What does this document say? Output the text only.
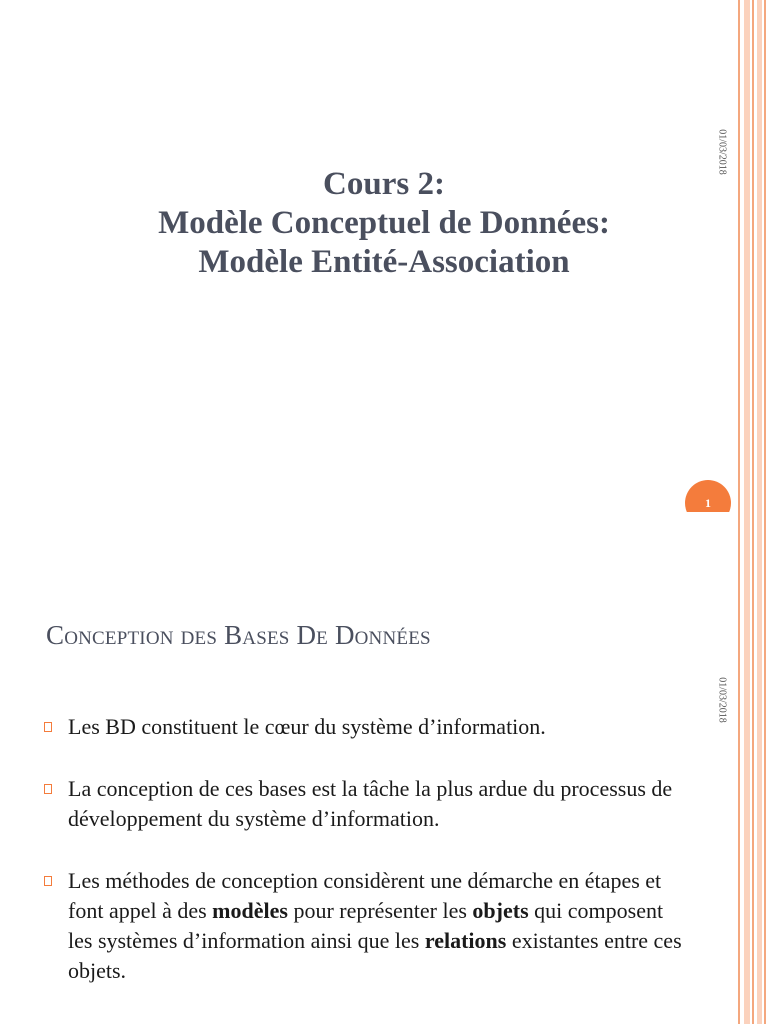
01/03/2018
Cours 2:
Modèle Conceptuel de Données:
Modèle Entité-Association
1
01/03/2018
Conception des Bases De Données
Les BD constituent le cœur du système d’information.
La conception de ces bases est la tâche la plus ardue du processus de développement du système d’information.
Les méthodes de conception considèrent une démarche en étapes et font appel à des modèles pour représenter les objets qui composent les systèmes d’information ainsi que les relations existantes entre ces objets.
